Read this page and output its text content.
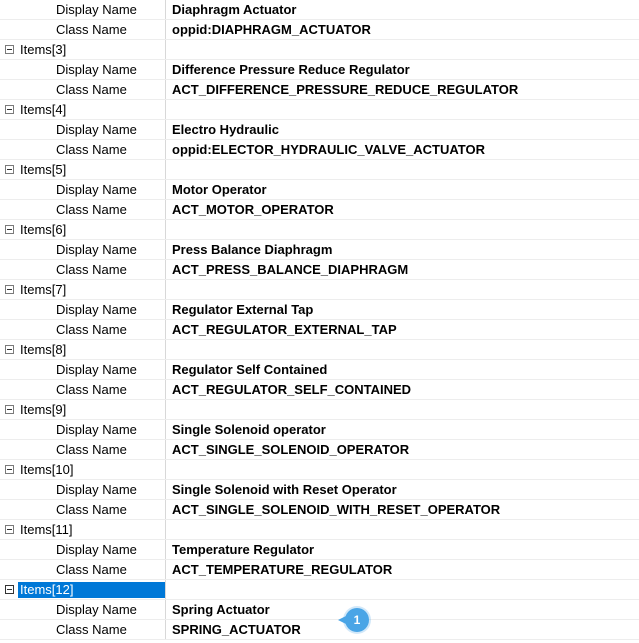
Display Name	Diaphragm Actuator
Class Name	oppid:DIAPHRAGM_ACTUATOR
Items[3]
Display Name	Difference Pressure Reduce Regulator
Class Name	ACT_DIFFERENCE_PRESSURE_REDUCE_REGULATOR
Items[4]
Display Name	Electro Hydraulic
Class Name	oppid:ELECTOR_HYDRAULIC_VALVE_ACTUATOR
Items[5]
Display Name	Motor Operator
Class Name	ACT_MOTOR_OPERATOR
Items[6]
Display Name	Press Balance Diaphragm
Class Name	ACT_PRESS_BALANCE_DIAPHRAGM
Items[7]
Display Name	Regulator External Tap
Class Name	ACT_REGULATOR_EXTERNAL_TAP
Items[8]
Display Name	Regulator Self Contained
Class Name	ACT_REGULATOR_SELF_CONTAINED
Items[9]
Display Name	Single Solenoid operator
Class Name	ACT_SINGLE_SOLENOID_OPERATOR
Items[10]
Display Name	Single Solenoid with Reset Operator
Class Name	ACT_SINGLE_SOLENOID_WITH_RESET_OPERATOR
Items[11]
Display Name	Temperature Regulator
Class Name	ACT_TEMPERATURE_REGULATOR
Items[12]
Display Name	Spring Actuator
Class Name	SPRING_ACTUATOR
1
